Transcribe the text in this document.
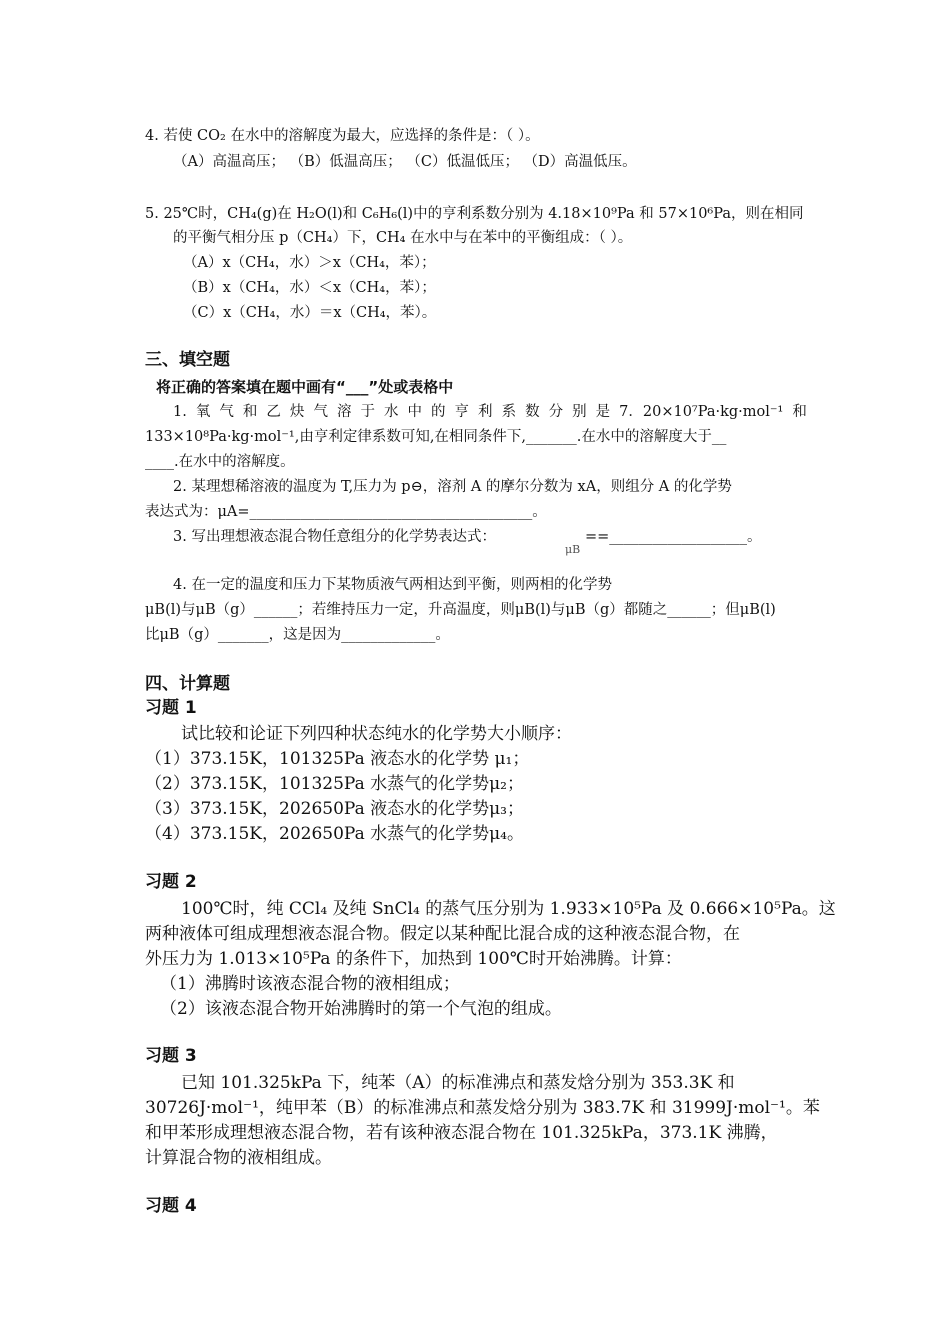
4. 若使 CO₂ 在水中的溶解度为最大，应选择的条件是：（ ）。
（A）高温高压； （B）低温高压； （C）低温低压； （D）高温低压。
5. 25℃时，CH₄(g)在 H₂O(l)和 C₆H₆(l)中的亨利系数分别为 4.18×10⁹Pa 和 57×10⁶Pa，则在相同
的平衡气相分压 p（CH₄）下，CH₄ 在水中与在苯中的平衡组成：（ ）。
（A）x（CH₄，水）＞x（CH₄，苯）；
（B）x（CH₄，水）＜x（CH₄，苯）；
（C）x（CH₄，水）＝x（CH₄，苯）。
三、填空题
将正确的答案填在题中画有“___”处或表格中
1. 氧 气 和 乙 炔 气 溶 于 水 中 的 亨 利 系 数 分 别 是 7．20×10⁷Pa·kg·mol⁻¹ 和
133×10⁸Pa·kg·mol⁻¹,由亨利定律系数可知,在相同条件下,_______.在水中的溶解度大于__
____.在水中的溶解度。
2. 某理想稀溶液的温度为 T,压力为 p⊖，溶剂 A 的摩尔分数为 xA，则组分 A 的化学势
表达式为：μA=_______________________________________。
3. 写出理想液态混合物任意组分的化学势表达式：
μB
==___________________。
4. 在一定的温度和压力下某物质液气两相达到平衡，则两相的化学势
μB(l)与μB（g）______；若维持压力一定，升高温度，则μB(l)与μB（g）都随之______；但μB(l)
比μB（g）_______，这是因为_____________。
四、计算题
习题 1
试比较和论证下列四种状态纯水的化学势大小顺序：
（1）373.15K，101325Pa 液态水的化学势 μ₁；
（2）373.15K，101325Pa 水蒸气的化学势μ₂；
（3）373.15K，202650Pa 液态水的化学势μ₃；
（4）373.15K，202650Pa 水蒸气的化学势μ₄。
习题 2
100℃时，纯 CCl₄ 及纯 SnCl₄ 的蒸气压分别为 1.933×10⁵Pa 及 0.666×10⁵Pa。这
两种液体可组成理想液态混合物。假定以某种配比混合成的这种液态混合物，在
外压力为 1.013×10⁵Pa 的条件下，加热到 100℃时开始沸腾。计算：
（1）沸腾时该液态混合物的液相组成；
（2）该液态混合物开始沸腾时的第一个气泡的组成。
习题 3
已知 101.325kPa 下，纯苯（A）的标准沸点和蒸发焓分别为 353.3K 和
30726J·mol⁻¹，纯甲苯（B）的标准沸点和蒸发焓分别为 383.7K 和 31999J·mol⁻¹。苯
和甲苯形成理想液态混合物，若有该种液态混合物在 101.325kPa，373.1K 沸腾，
计算混合物的液相组成。
习题 4
